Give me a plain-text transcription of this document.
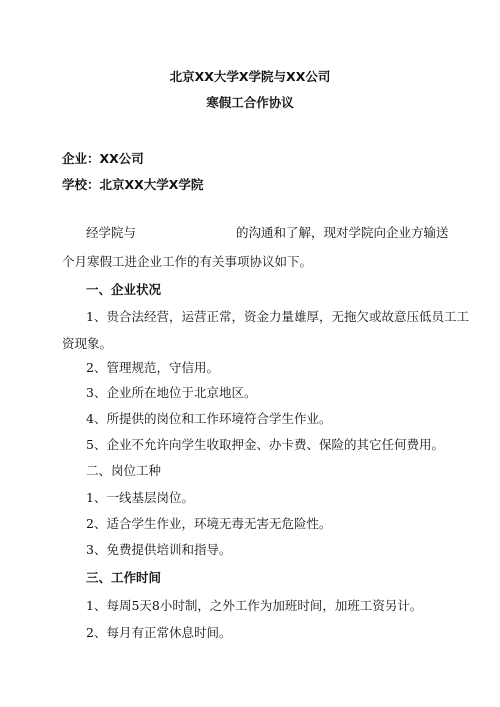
北京XX大学X学院与XX公司
寒假工合作协议
企业：XX公司
学校：北京XX大学X学院
经学院与	的沟通和了解，现对学院向企业方输送
个月寒假工进企业工作的有关事项协议如下。
一、企业状况
1、贵合法经营，运营正常，资金力量雄厚，无拖欠或故意压低员工工
资现象。
2、管理规范，守信用。
3、企业所在地位于北京地区。
4、所提供的岗位和工作环境符合学生作业。
5、企业不允许向学生收取押金、办卡费、保险的其它任何费用。
二、岗位工种
1、一线基层岗位。
2、适合学生作业，环境无毒无害无危险性。
3、免费提供培训和指导。
三、工作时间
1、每周5天8小时制，之外工作为加班时间，加班工资另计。
2、每月有正常休息时间。
